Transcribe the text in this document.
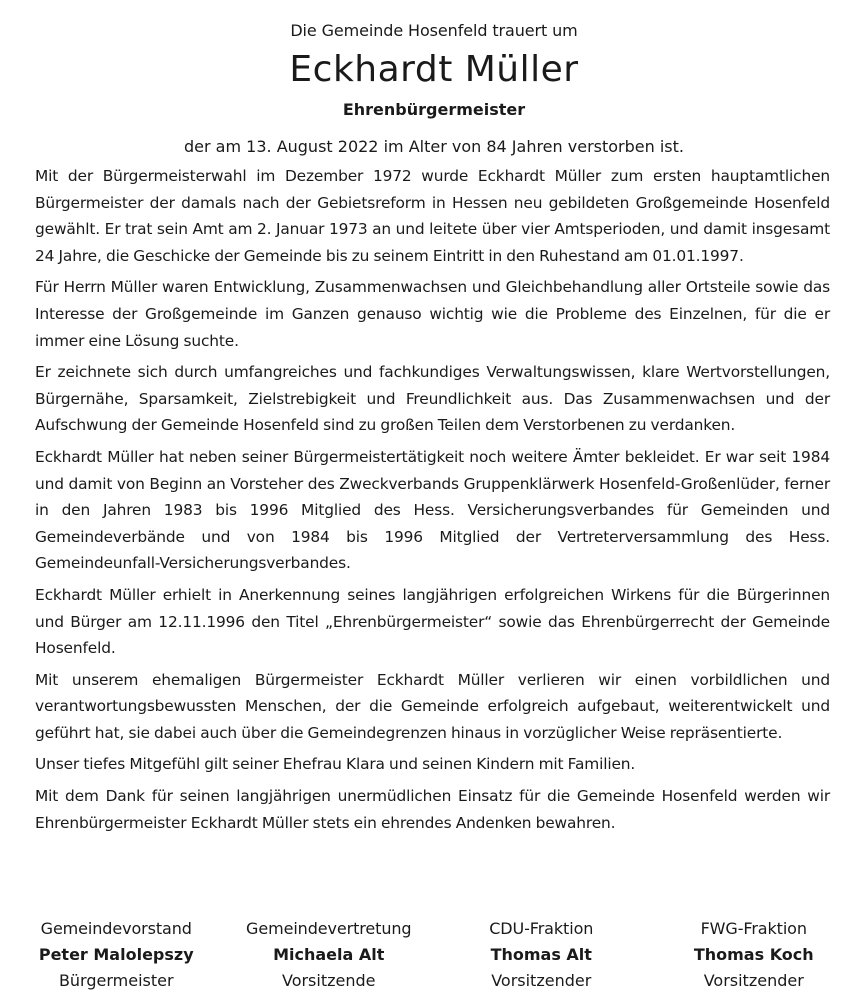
Die Gemeinde Hosenfeld trauert um
Eckhardt Müller
Ehrenbürgermeister
der am 13. August 2022 im Alter von 84 Jahren verstorben ist.

Mit der Bürgermeisterwahl im Dezember 1972 wurde Eckhardt Müller zum ersten hauptamtlichen Bürgermeister der damals nach der Gebietsreform in Hessen neu gebildeten Großgemeinde Hosenfeld gewählt. Er trat sein Amt am 2. Januar 1973 an und leitete über vier Amtsperioden, und damit insgesamt 24 Jahre, die Geschicke der Gemeinde bis zu seinem Eintritt in den Ruhestand am 01.01.1997.

Für Herrn Müller waren Entwicklung, Zusammenwachsen und Gleichbehandlung aller Ortsteile sowie das Interesse der Großgemeinde im Ganzen genauso wichtig wie die Probleme des Einzelnen, für die er immer eine Lösung suchte.

Er zeichnete sich durch umfangreiches und fachkundiges Verwaltungswissen, klare Wertvorstellungen, Bürgernähe, Sparsamkeit, Zielstrebigkeit und Freundlichkeit aus. Das Zusammenwachsen und der Aufschwung der Gemeinde Hosenfeld sind zu großen Teilen dem Verstorbenen zu verdanken.

Eckhardt Müller hat neben seiner Bürgermeistertätigkeit noch weitere Ämter bekleidet. Er war seit 1984 und damit von Beginn an Vorsteher des Zweckverbands Gruppenklärwerk Hosenfeld-Großenlüder, ferner in den Jahren 1983 bis 1996 Mitglied des Hess. Versicherungsverbandes für Gemeinden und Gemeindeverbände und von 1984 bis 1996 Mitglied der Vertreterversammlung des Hess. Gemeindeunfall-Versicherungsverbandes.

Eckhardt Müller erhielt in Anerkennung seines langjährigen erfolgreichen Wirkens für die Bürgerinnen und Bürger am 12.11.1996 den Titel „Ehrenbürgermeister“ sowie das Ehrenbürgerrecht der Gemeinde Hosenfeld.

Mit unserem ehemaligen Bürgermeister Eckhardt Müller verlieren wir einen vorbildlichen und verantwortungsbewussten Menschen, der die Gemeinde erfolgreich aufgebaut, weiterentwickelt und geführt hat, sie dabei auch über die Gemeindegrenzen hinaus in vorzüglicher Weise repräsentierte.

Unser tiefes Mitgefühl gilt seiner Ehefrau Klara und seinen Kindern mit Familien.

Mit dem Dank für seinen langjährigen unermüdlichen Einsatz für die Gemeinde Hosenfeld werden wir Ehrenbürgermeister Eckhardt Müller stets ein ehrendes Andenken bewahren.

Gemeindevorstand
Peter Malolepszy
Bürgermeister
Gemeindevertretung
Michaela Alt
Vorsitzende
CDU-Fraktion
Thomas Alt
Vorsitzender
FWG-Fraktion
Thomas Koch
Vorsitzender
